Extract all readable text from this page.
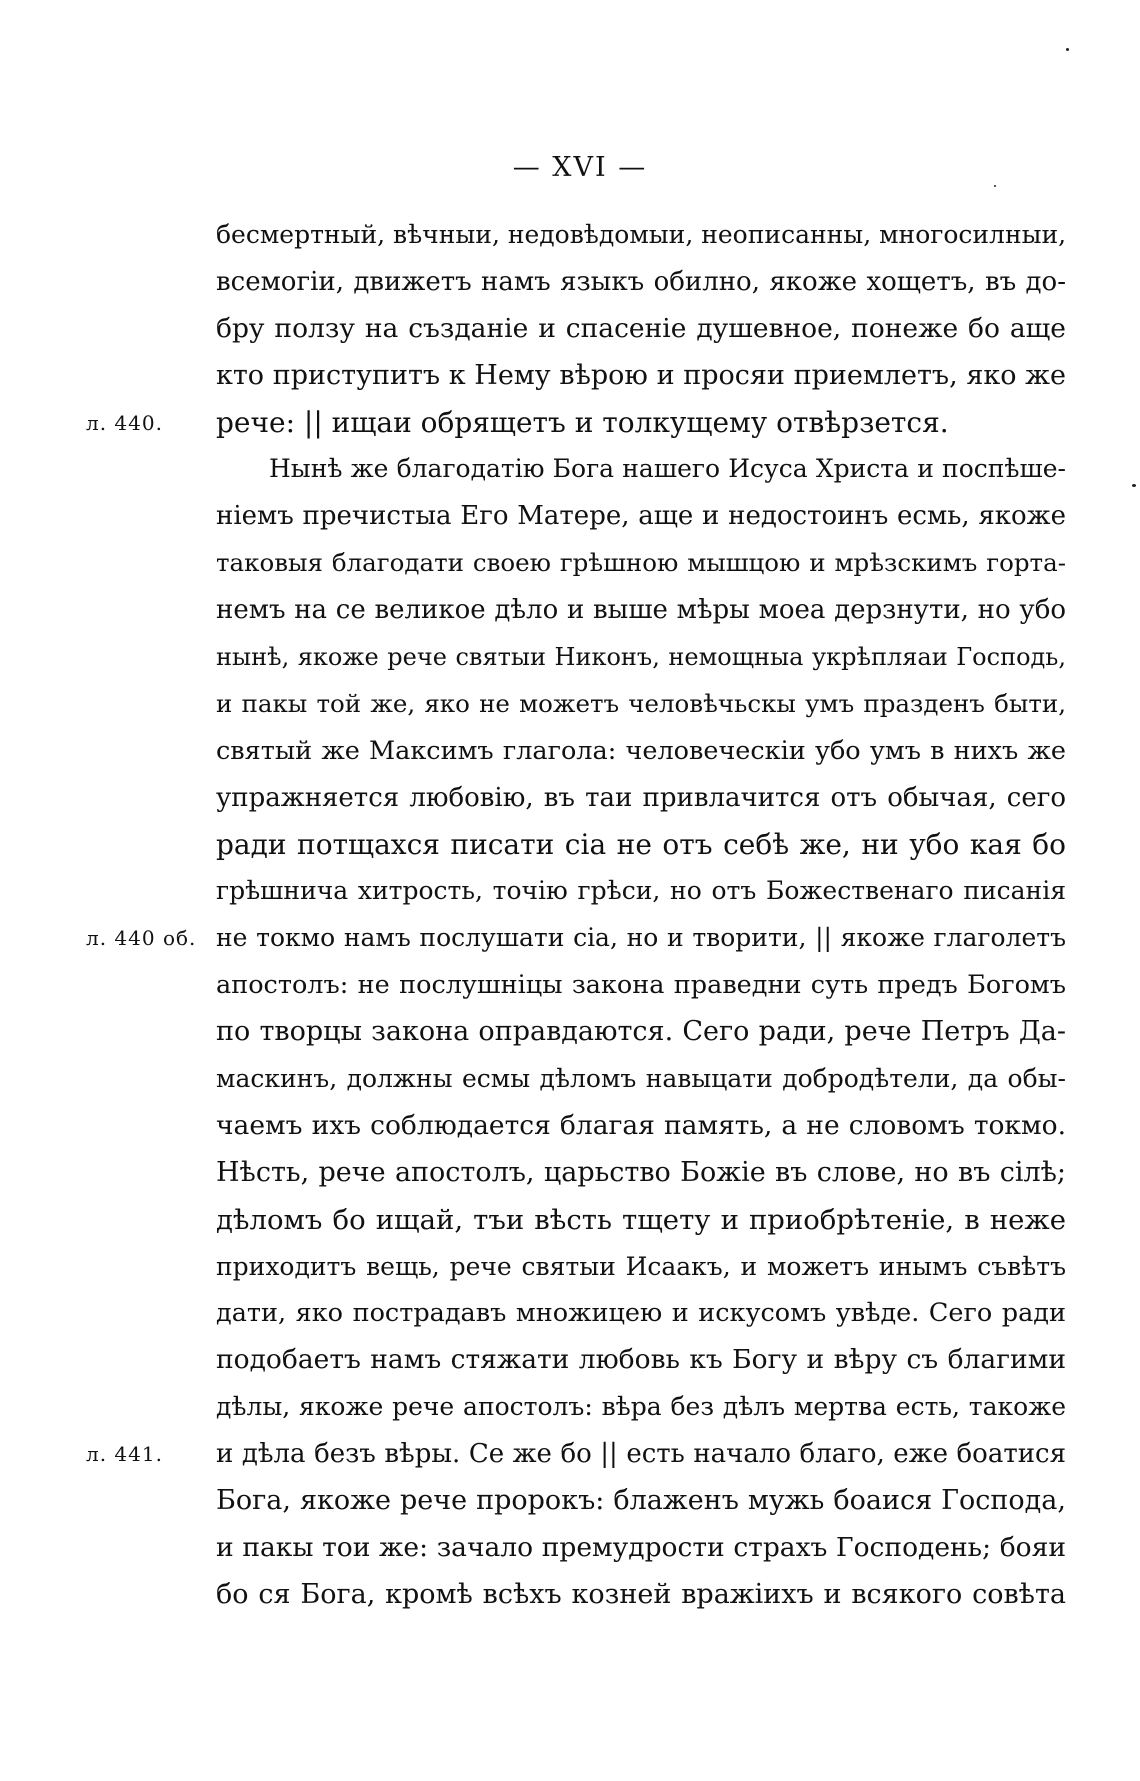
— XVI —
бесмертный, вѣчныи, недовѣдомыи, неописанны, многосилныи,
всемогіи, движетъ намъ языкъ обилно, якоже хощетъ, въ до-
бру ползу на създаніе и спасеніе душевное, понеже бо аще
кто приступитъ к Нему вѣрою и просяи приемлетъ, яко же
рече: || ищаи обрящетъ и толкущему отвѣрзется.
л. 440.
Нынѣ же благодатію Бога нашего Исуса Христа и поспѣше-
ніемъ пречистыа Его Матере, аще и недостоинъ есмь, якоже
таковыя благодати своею грѣшною мышцою и мрѣзскимъ горта-
немъ на се великое дѣло и выше мѣры моеа дерзнути, но убо
нынѣ, якоже рече святыи Никонъ, немощныа укрѣпляаи Господь,
и пакы той же, яко не можетъ человѣчьскы умъ празденъ быти,
святый же Максимъ глагола: человеческіи убо умъ в нихъ же
упражняется любовію, въ таи привлачится отъ обычая, сего
ради потщахся писати сіа не отъ себѣ же, ни убо кая бо
грѣшнича хитрость, точію грѣси, но отъ Божественаго писанія
не токмо намъ послушати сіа, но и творити, || якоже глаголетъ
л. 440 об.
апостолъ: не послушніцы закона праведни суть предъ Богомъ
по творцы закона оправдаются. Сего ради, рече Петръ Да-
маскинъ, должны есмы дѣломъ навыцати добродѣтели, да обы-
чаемъ ихъ соблюдается благая память, а не словомъ токмо.
Нѣсть, рече апостолъ, царьство Божіе въ слове, но въ сілѣ;
дѣломъ бо ищай, тъи вѣсть тщету и приобрѣтеніе, в неже
приходитъ вещь, рече святыи Исаакъ, и можетъ инымъ съвѣтъ
дати, яко пострадавъ множицею и искусомъ увѣде. Сего ради
подобаетъ намъ стяжати любовь къ Богу и вѣру съ благими
дѣлы, якоже рече апостолъ: вѣра без дѣлъ мертва есть, такоже
и дѣла безъ вѣры. Се же бо || есть начало благо, еже боатися
л. 441.
Бога, якоже рече пророкъ: блаженъ мужь боаися Господа,
и пакы тои же: зачало премудрости страхъ Господень; бояи
бо ся Бога, кромѣ всѣхъ козней вражіихъ и всякого совѣта
